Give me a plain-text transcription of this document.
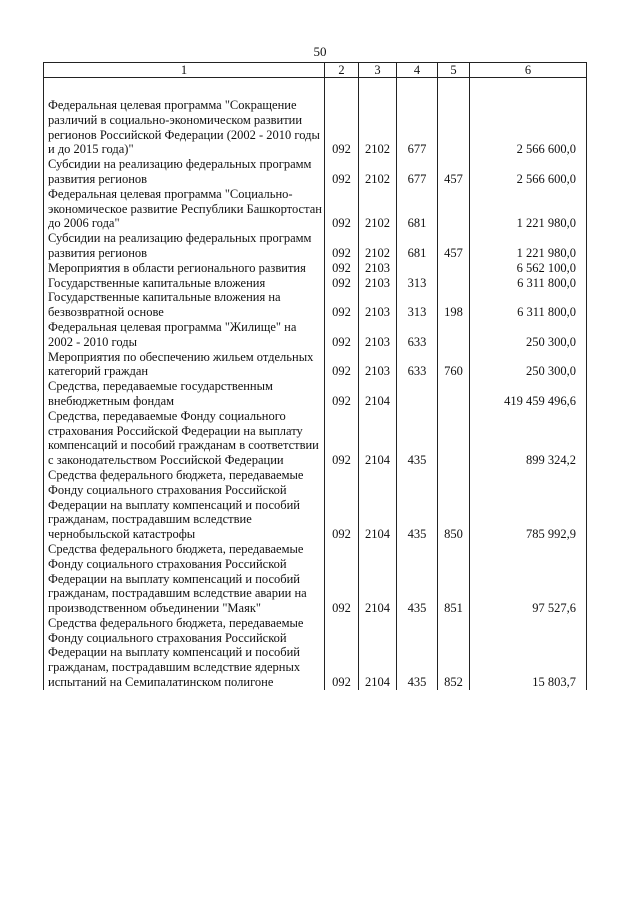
50
1	2	3	4	5	6

Федеральная целевая программа "Сокращение различий в социально-экономическом развитии регионов Российской Федерации (2002 - 2010 годы и до 2015 года)"	092	2102	677		2 566 600,0
Субсидии на реализацию федеральных программ развития регионов	092	2102	677	457	2 566 600,0
Федеральная целевая программа "Социально-экономическое развитие Республики Башкортостан до 2006 года"	092	2102	681		1 221 980,0
Субсидии на реализацию федеральных программ развития регионов	092	2102	681	457	1 221 980,0
Мероприятия в области регионального развития	092	2103			6 562 100,0
Государственные капитальные вложения	092	2103	313		6 311 800,0
Государственные капитальные вложения на безвозвратной основе	092	2103	313	198	6 311 800,0
Федеральная целевая программа "Жилище" на 2002 - 2010 годы	092	2103	633		250 300,0
Мероприятия по обеспечению жильем отдельных категорий граждан	092	2103	633	760	250 300,0
Средства, передаваемые государственным внебюджетным фондам	092	2104			419 459 496,6
Средства, передаваемые Фонду социального страхования Российской Федерации на выплату компенсаций и пособий гражданам в соответствии с законодательством Российской Федерации	092	2104	435		899 324,2
Средства федерального бюджета, передаваемые Фонду социального страхования Российской Федерации на выплату компенсаций и пособий гражданам, пострадавшим вследствие чернобыльской катастрофы	092	2104	435	850	785 992,9
Средства федерального бюджета, передаваемые Фонду социального страхования Российской Федерации на выплату компенсаций и пособий гражданам, пострадавшим вследствие аварии на производственном объединении "Маяк"	092	2104	435	851	97 527,6
Средства федерального бюджета, передаваемые Фонду социального страхования Российской Федерации на выплату компенсаций и пособий гражданам, пострадавшим вследствие ядерных испытаний на Семипалатинском полигоне	092	2104	435	852	15 803,7
